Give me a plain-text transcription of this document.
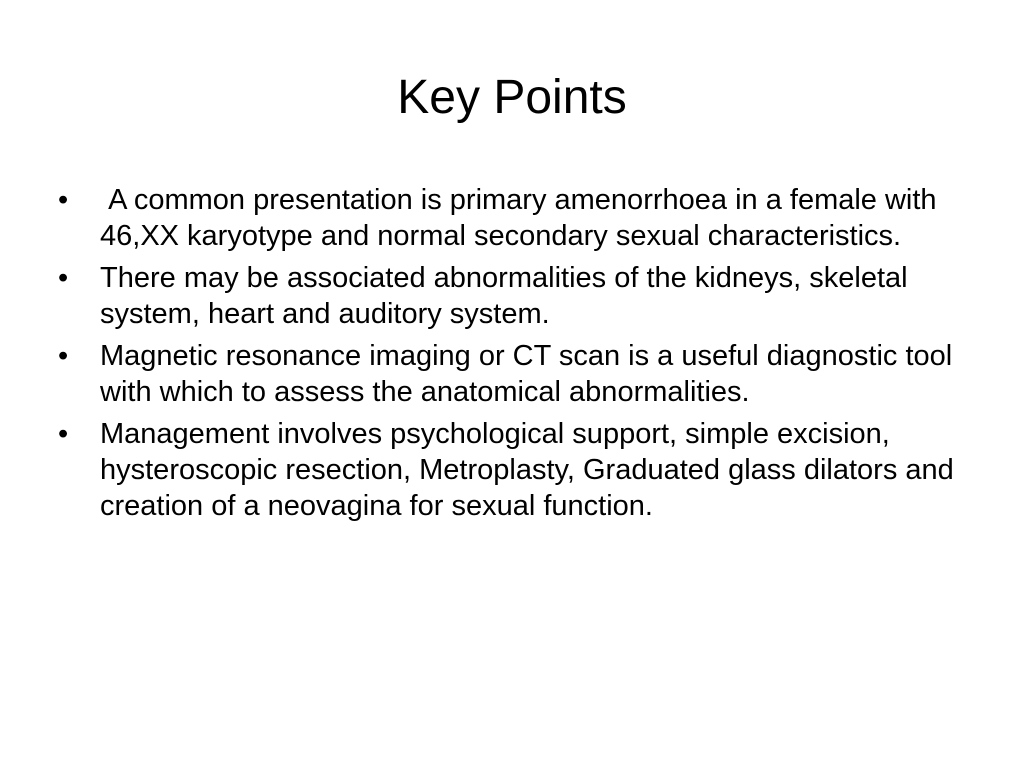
Key Points
•	A common presentation is primary amenorrhoea in a female with 46,XX karyotype and normal secondary sexual characteristics.
•	There may be associated abnormalities of the kidneys, skeletal system, heart and auditory system.
•	Magnetic resonance imaging or CT scan is a useful diagnostic tool with which to assess the anatomical abnormalities.
•	Management involves psychological support, simple excision, hysteroscopic resection, Metroplasty, Graduated glass dilators and creation of a neovagina for sexual function.
